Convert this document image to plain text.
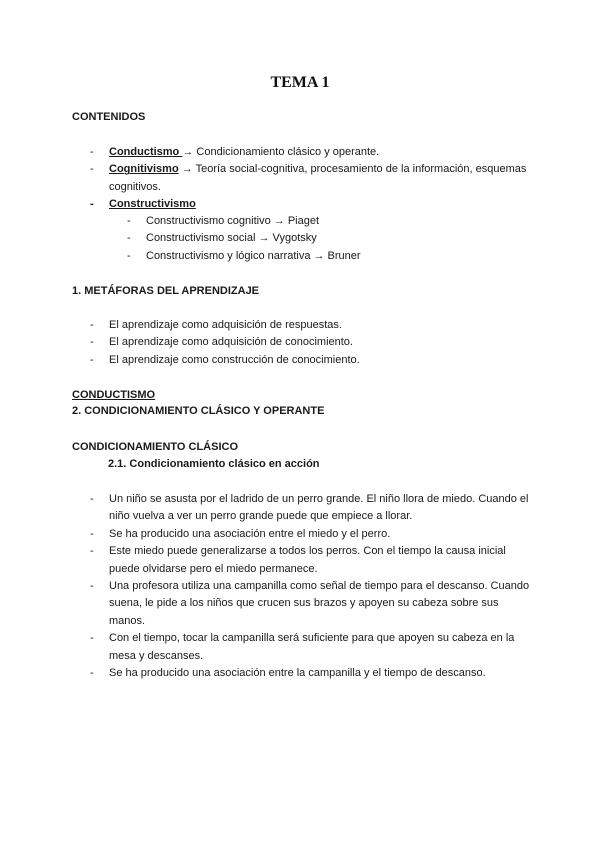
TEMA 1
CONTENIDOS
- Conductismo → Condicionamiento clásico y operante.
- Cognitivismo → Teoría social-cognitiva, procesamiento de la información, esquemas cognitivos.
- Constructivismo
- Constructivismo cognitivo → Piaget
- Constructivismo social → Vygotsky
- Constructivismo y lógico narrativa → Bruner
1. METÁFORAS DEL APRENDIZAJE
- El aprendizaje como adquisición de respuestas.
- El aprendizaje como adquisición de conocimiento.
- El aprendizaje como construcción de conocimiento.
CONDUCTISMO
2. CONDICIONAMIENTO CLÁSICO Y OPERANTE
CONDICIONAMIENTO CLÁSICO
2.1. Condicionamiento clásico en acción
- Un niño se asusta por el ladrido de un perro grande. El niño llora de miedo. Cuando el niño vuelva a ver un perro grande puede que empiece a llorar.
- Se ha producido una asociación entre el miedo y el perro.
- Este miedo puede generalizarse a todos los perros. Con el tiempo la causa inicial puede olvidarse pero el miedo permanece.
- Una profesora utiliza una campanilla como señal de tiempo para el descanso. Cuando suena, le pide a los niños que crucen sus brazos y apoyen su cabeza sobre sus manos.
- Con el tiempo, tocar la campanilla será suficiente para que apoyen su cabeza en la mesa y descanses.
- Se ha producido una asociación entre la campanilla y el tiempo de descanso.
